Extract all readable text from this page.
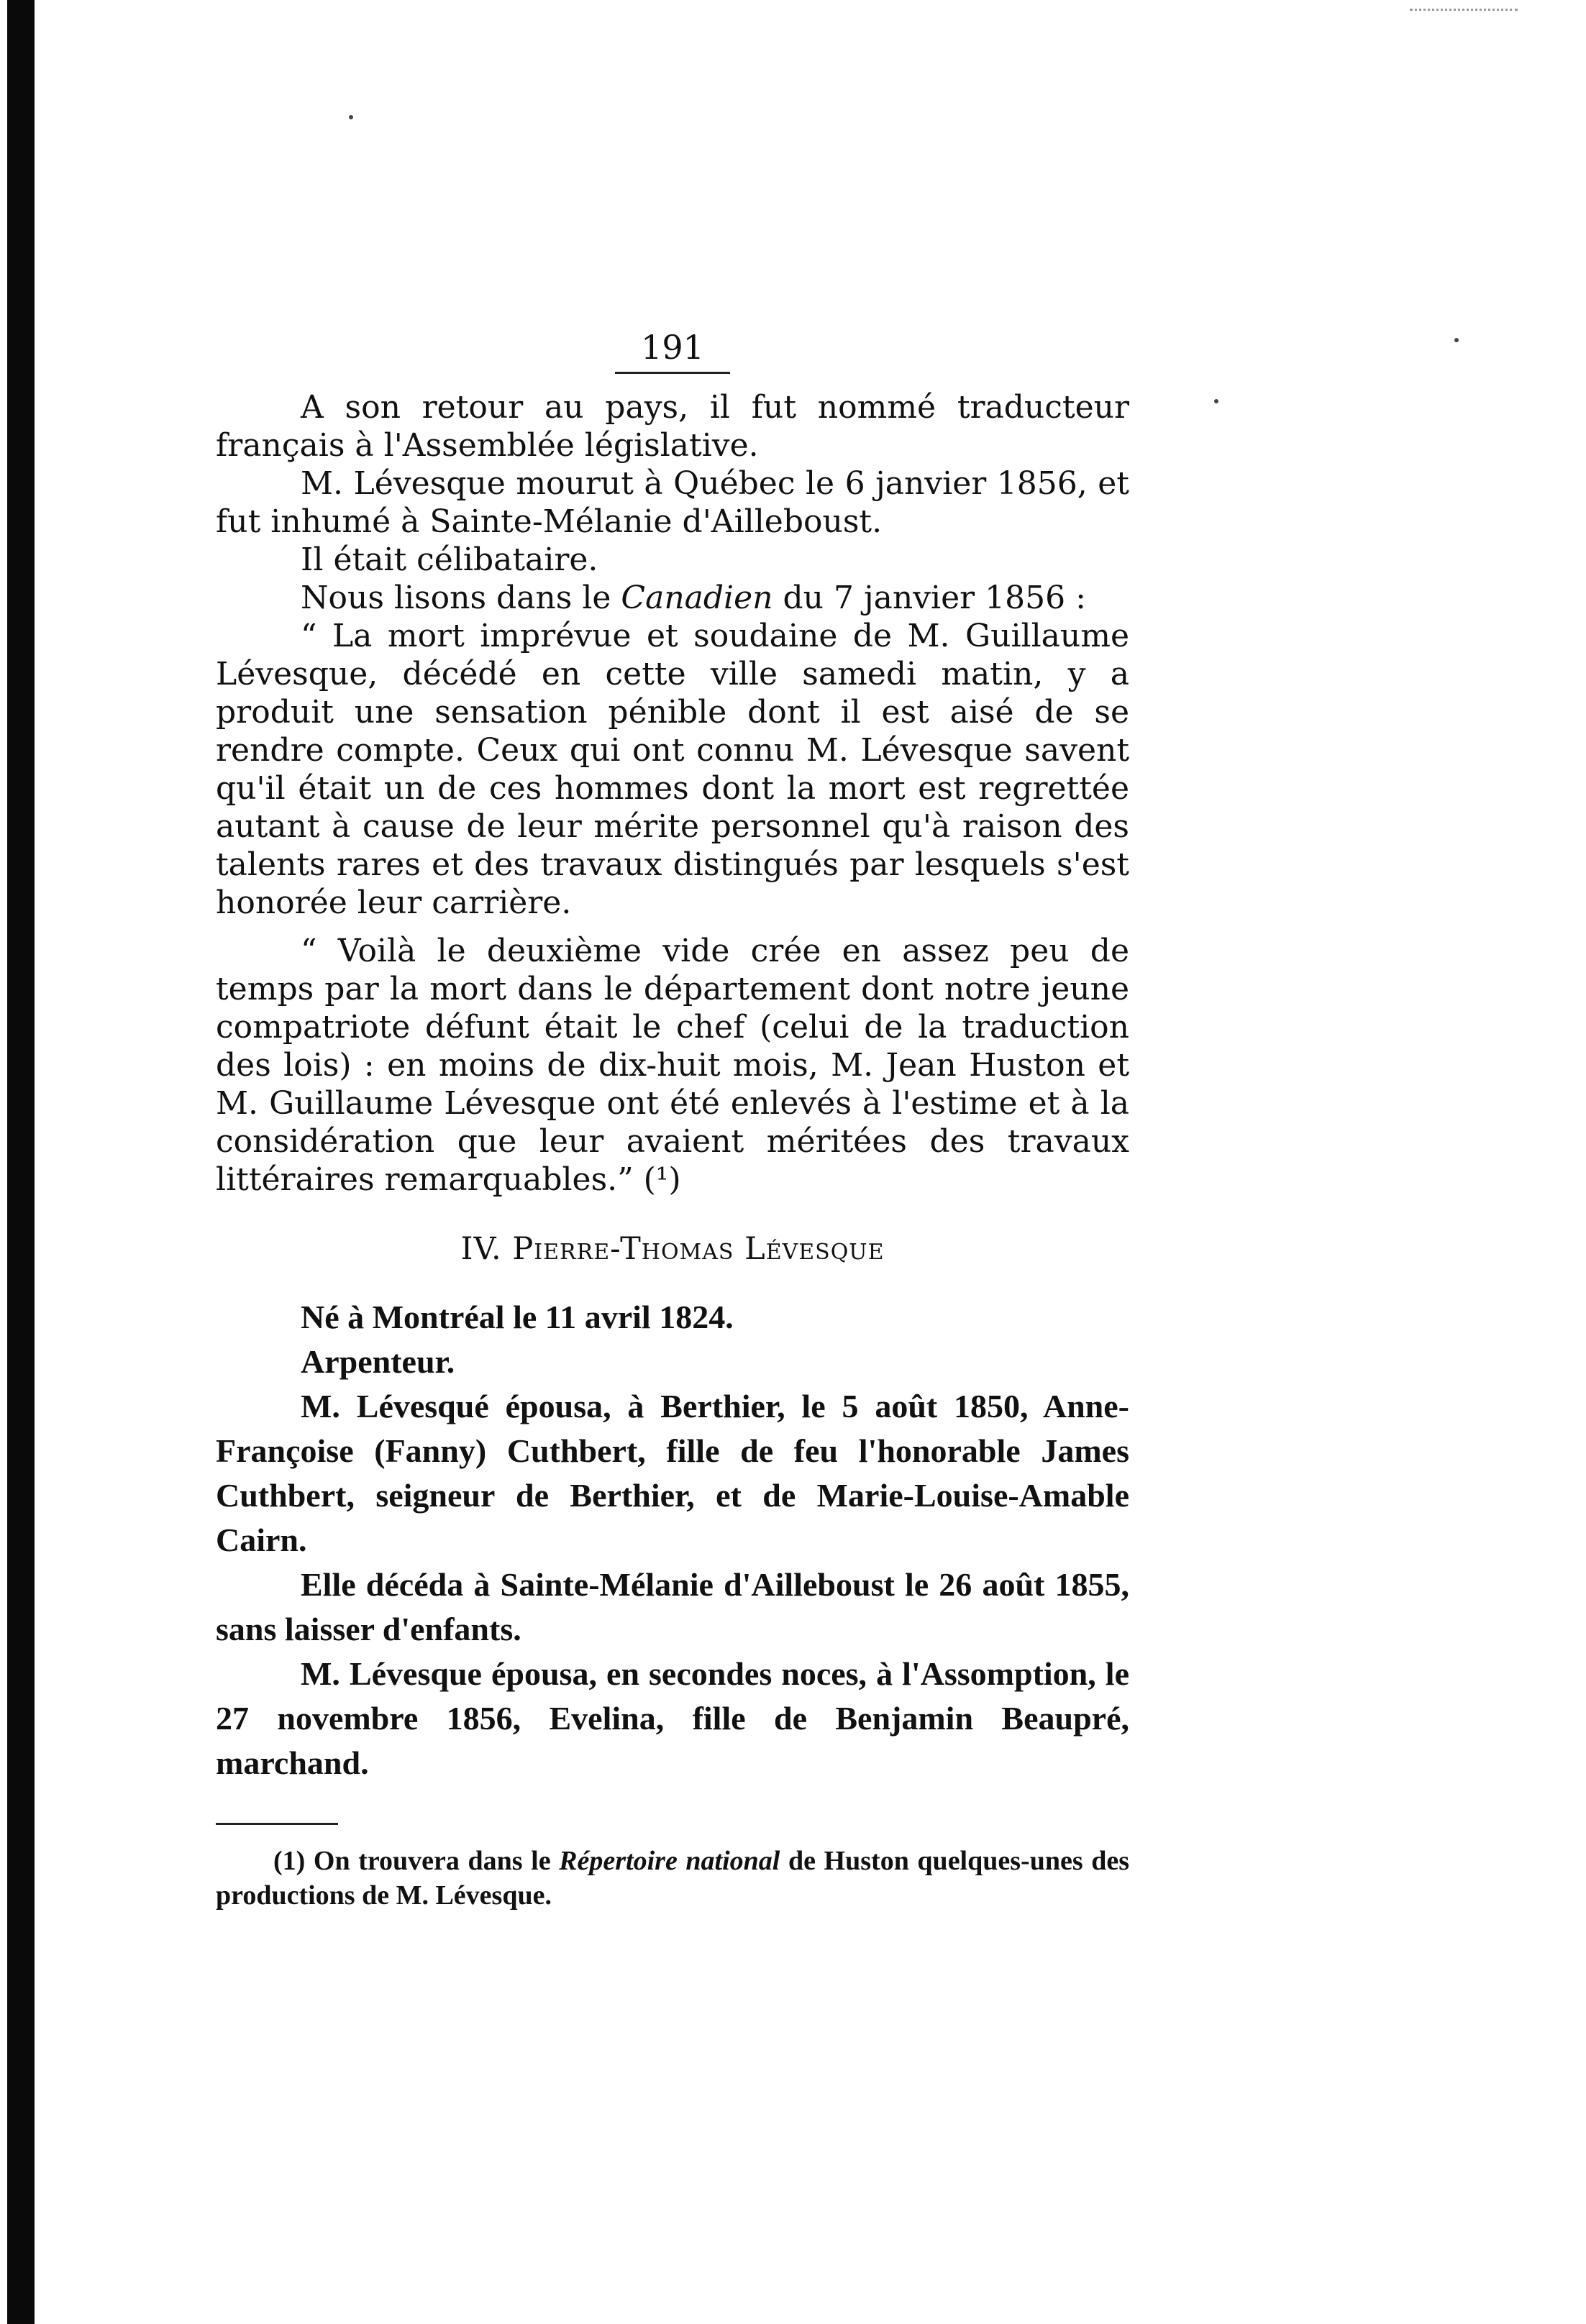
191

A son retour au pays, il fut nommé traducteur français à l'Assemblée législative.

M. Lévesque mourut à Québec le 6 janvier 1856, et fut inhumé à Sainte-Mélanie d'Ailleboust.

Il était célibataire.

Nous lisons dans le Canadien du 7 janvier 1856 :

“ La mort imprévue et soudaine de M. Guillaume Lévesque, décédé en cette ville samedi matin, y a produit une sensation pénible dont il est aisé de se rendre compte. Ceux qui ont connu M. Lévesque savent qu'il était un de ces hommes dont la mort est regrettée autant à cause de leur mérite personnel qu'à raison des talents rares et des travaux distingués par lesquels s'est honorée leur carrière.

“ Voilà le deuxième vide crée en assez peu de temps par la mort dans le département dont notre jeune compatriote défunt était le chef (celui de la traduction des lois) : en moins de dix-huit mois, M. Jean Huston et M. Guillaume Lévesque ont été enlevés à l'estime et à la considération que leur avaient méritées des travaux littéraires remarquables.” (¹)

IV. Pierre-Thomas Lévesque

Né à Montréal le 11 avril 1824.

Arpenteur.

M. Lévesqué épousa, à Berthier, le 5 août 1850, Anne-Françoise (Fanny) Cuthbert, fille de feu l'honorable James Cuthbert, seigneur de Berthier, et de Marie-Louise-Amable Cairn.

Elle décéda à Sainte-Mélanie d'Ailleboust le 26 août 1855, sans laisser d'enfants.

M. Lévesque épousa, en secondes noces, à l'Assomption, le 27 novembre 1856, Evelina, fille de Benjamin Beaupré, marchand.

(1) On trouvera dans le Répertoire national de Huston quelques-unes des productions de M. Lévesque.
